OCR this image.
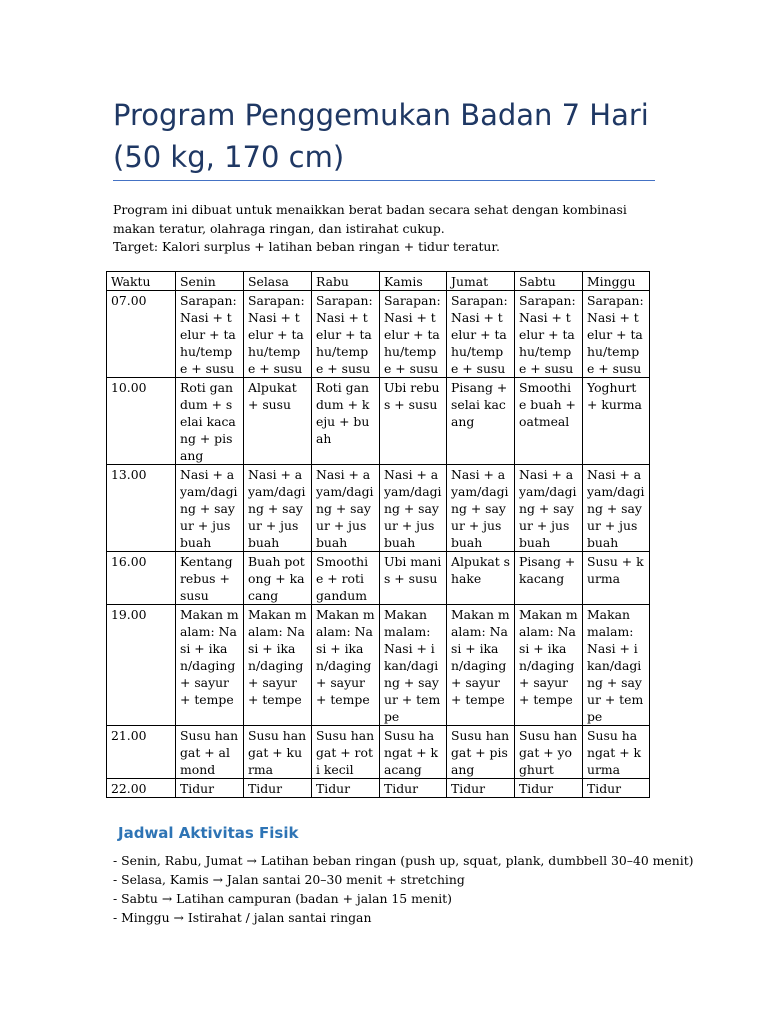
Program Penggemukan Badan 7 Hari
(50 kg, 170 cm)

Program ini dibuat untuk menaikkan berat badan secara sehat dengan kombinasi makan teratur, olahraga ringan, dan istirahat cukup.

Target: Kalori surplus + latihan beban ringan + tidur teratur.

Waktu	Senin	Selasa	Rabu	Kamis	Jumat	Sabtu	Minggu
07.00	Sarapan: Nasi + telur + tahu/tempe + susu	Sarapan: Nasi + telur + tahu/tempe + susu	Sarapan: Nasi + telur + tahu/tempe + susu	Sarapan: Nasi + telur + tahu/tempe + susu	Sarapan: Nasi + telur + tahu/tempe + susu	Sarapan: Nasi + telur + tahu/tempe + susu	Sarapan: Nasi + telur + tahu/tempe + susu
10.00	Roti gandum + selai kacang + pisang	Alpukat + susu	Roti gandum + keju + buah	Ubi rebus + susu	Pisang + selai kacang	Smoothie buah + oatmeal	Yoghurt + kurma
13.00	Nasi + ayam/daging + sayur + jus buah	Nasi + ayam/daging + sayur + jus buah	Nasi + ayam/daging + sayur + jus buah	Nasi + ayam/daging + sayur + jus buah	Nasi + ayam/daging + sayur + jus buah	Nasi + ayam/daging + sayur + jus buah	Nasi + ayam/daging + sayur + jus buah
16.00	Kentang rebus + susu	Buah potong + kacang	Smoothie + roti gandum	Ubi manis + susu	Alpukat shake	Pisang + kacang	Susu + kurma
19.00	Makan malam: Nasi + ikan/daging + sayur + tempe	Makan malam: Nasi + ikan/daging + sayur + tempe	Makan malam: Nasi + ikan/daging + sayur + tempe	Makan malam: Nasi + ikan/daging + sayur + tempe	Makan malam: Nasi + ikan/daging + sayur + tempe	Makan malam: Nasi + ikan/daging + sayur + tempe	Makan malam: Nasi + ikan/daging + sayur + tempe
21.00	Susu hangat + almond	Susu hangat + kurma	Susu hangat + roti kecil	Susu hangat + kacang	Susu hangat + pisang	Susu hangat + yoghurt	Susu hangat + kurma
22.00	Tidur	Tidur	Tidur	Tidur	Tidur	Tidur	Tidur
Jadwal Aktivitas Fisik
- Senin, Rabu, Jumat → Latihan beban ringan (push up, squat, plank, dumbbell 30–40 menit)
- Selasa, Kamis → Jalan santai 20–30 menit + stretching
- Sabtu → Latihan campuran (badan + jalan 15 menit)
- Minggu → Istirahat / jalan santai ringan
